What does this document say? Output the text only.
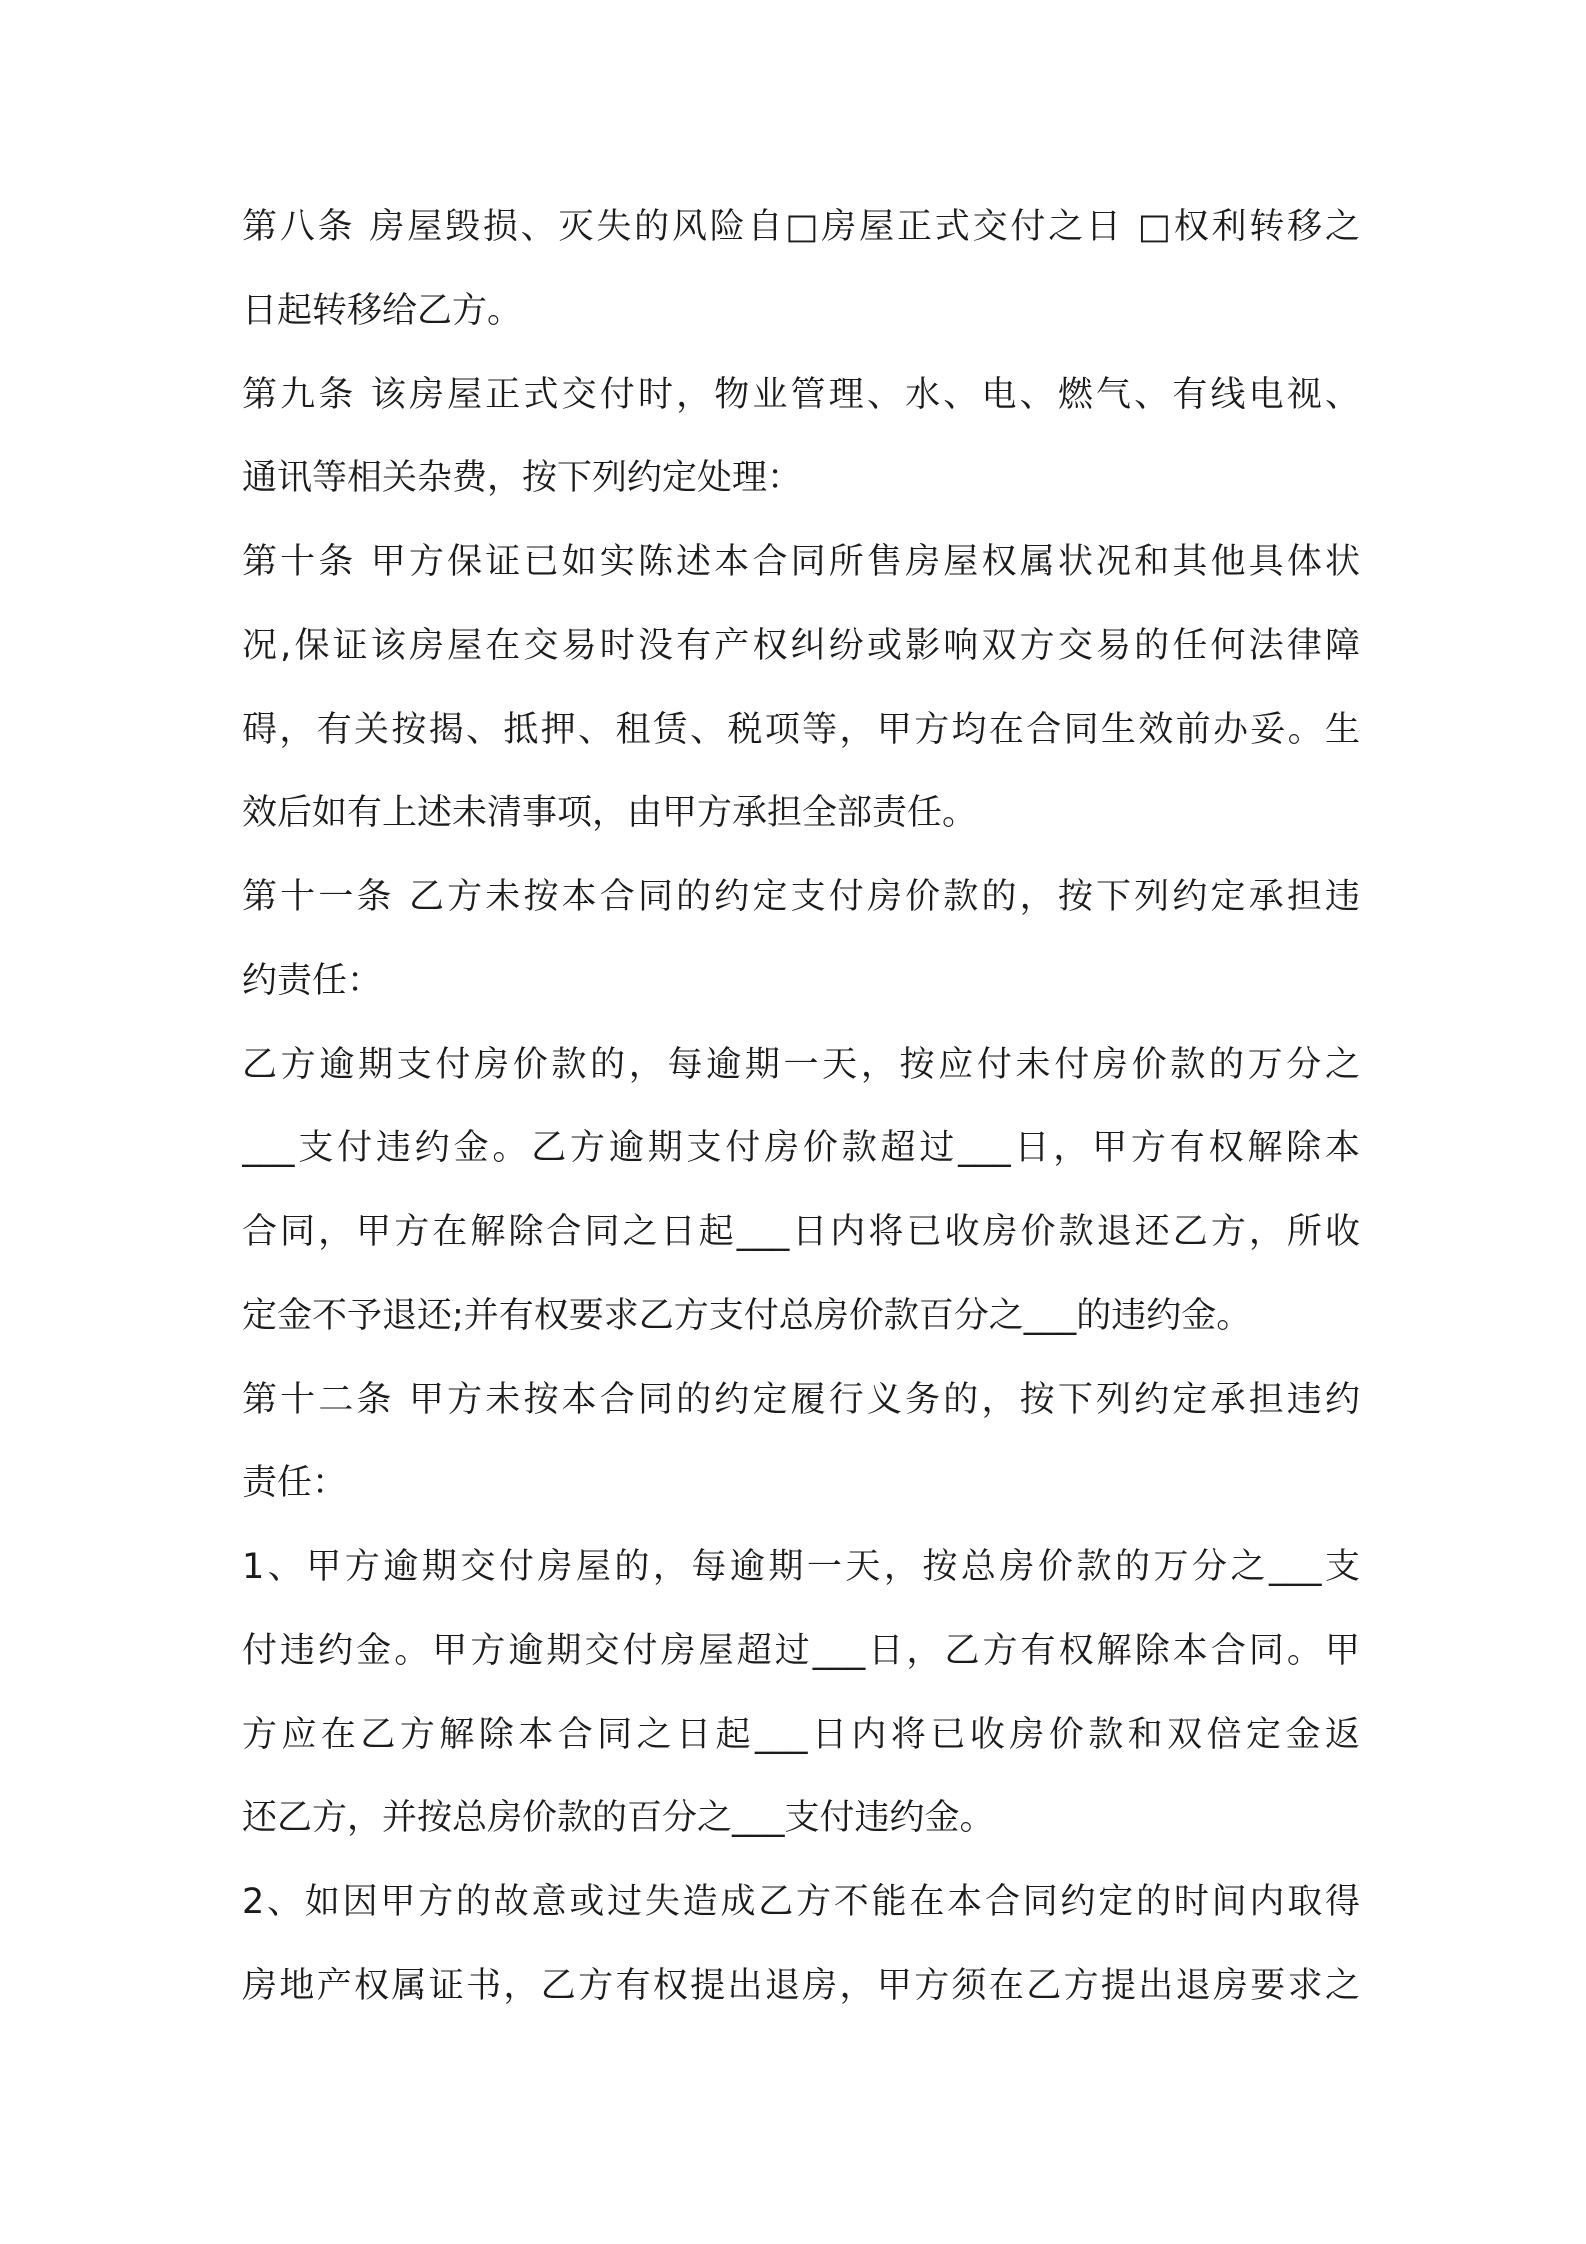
第八条 房屋毁损、灭失的风险自□房屋正式交付之日 □权利转移之
日起转移给乙方。
第九条 该房屋正式交付时，物业管理、水、电、燃气、有线电视、
通讯等相关杂费，按下列约定处理：
第十条 甲方保证已如实陈述本合同所售房屋权属状况和其他具体状
况,保证该房屋在交易时没有产权纠纷或影响双方交易的任何法律障
碍，有关按揭、抵押、租赁、税项等，甲方均在合同生效前办妥。生
效后如有上述未清事项，由甲方承担全部责任。
第十一条 乙方未按本合同的约定支付房价款的，按下列约定承担违
约责任：
乙方逾期支付房价款的，每逾期一天，按应付未付房价款的万分之
___支付违约金。乙方逾期支付房价款超过___日，甲方有权解除本
合同，甲方在解除合同之日起___日内将已收房价款退还乙方，所收
定金不予退还;并有权要求乙方支付总房价款百分之___的违约金。
第十二条 甲方未按本合同的约定履行义务的，按下列约定承担违约
责任：
1、甲方逾期交付房屋的，每逾期一天，按总房价款的万分之___支
付违约金。甲方逾期交付房屋超过___日，乙方有权解除本合同。甲
方应在乙方解除本合同之日起___日内将已收房价款和双倍定金返
还乙方，并按总房价款的百分之___支付违约金。
2、如因甲方的故意或过失造成乙方不能在本合同约定的时间内取得
房地产权属证书，乙方有权提出退房，甲方须在乙方提出退房要求之
